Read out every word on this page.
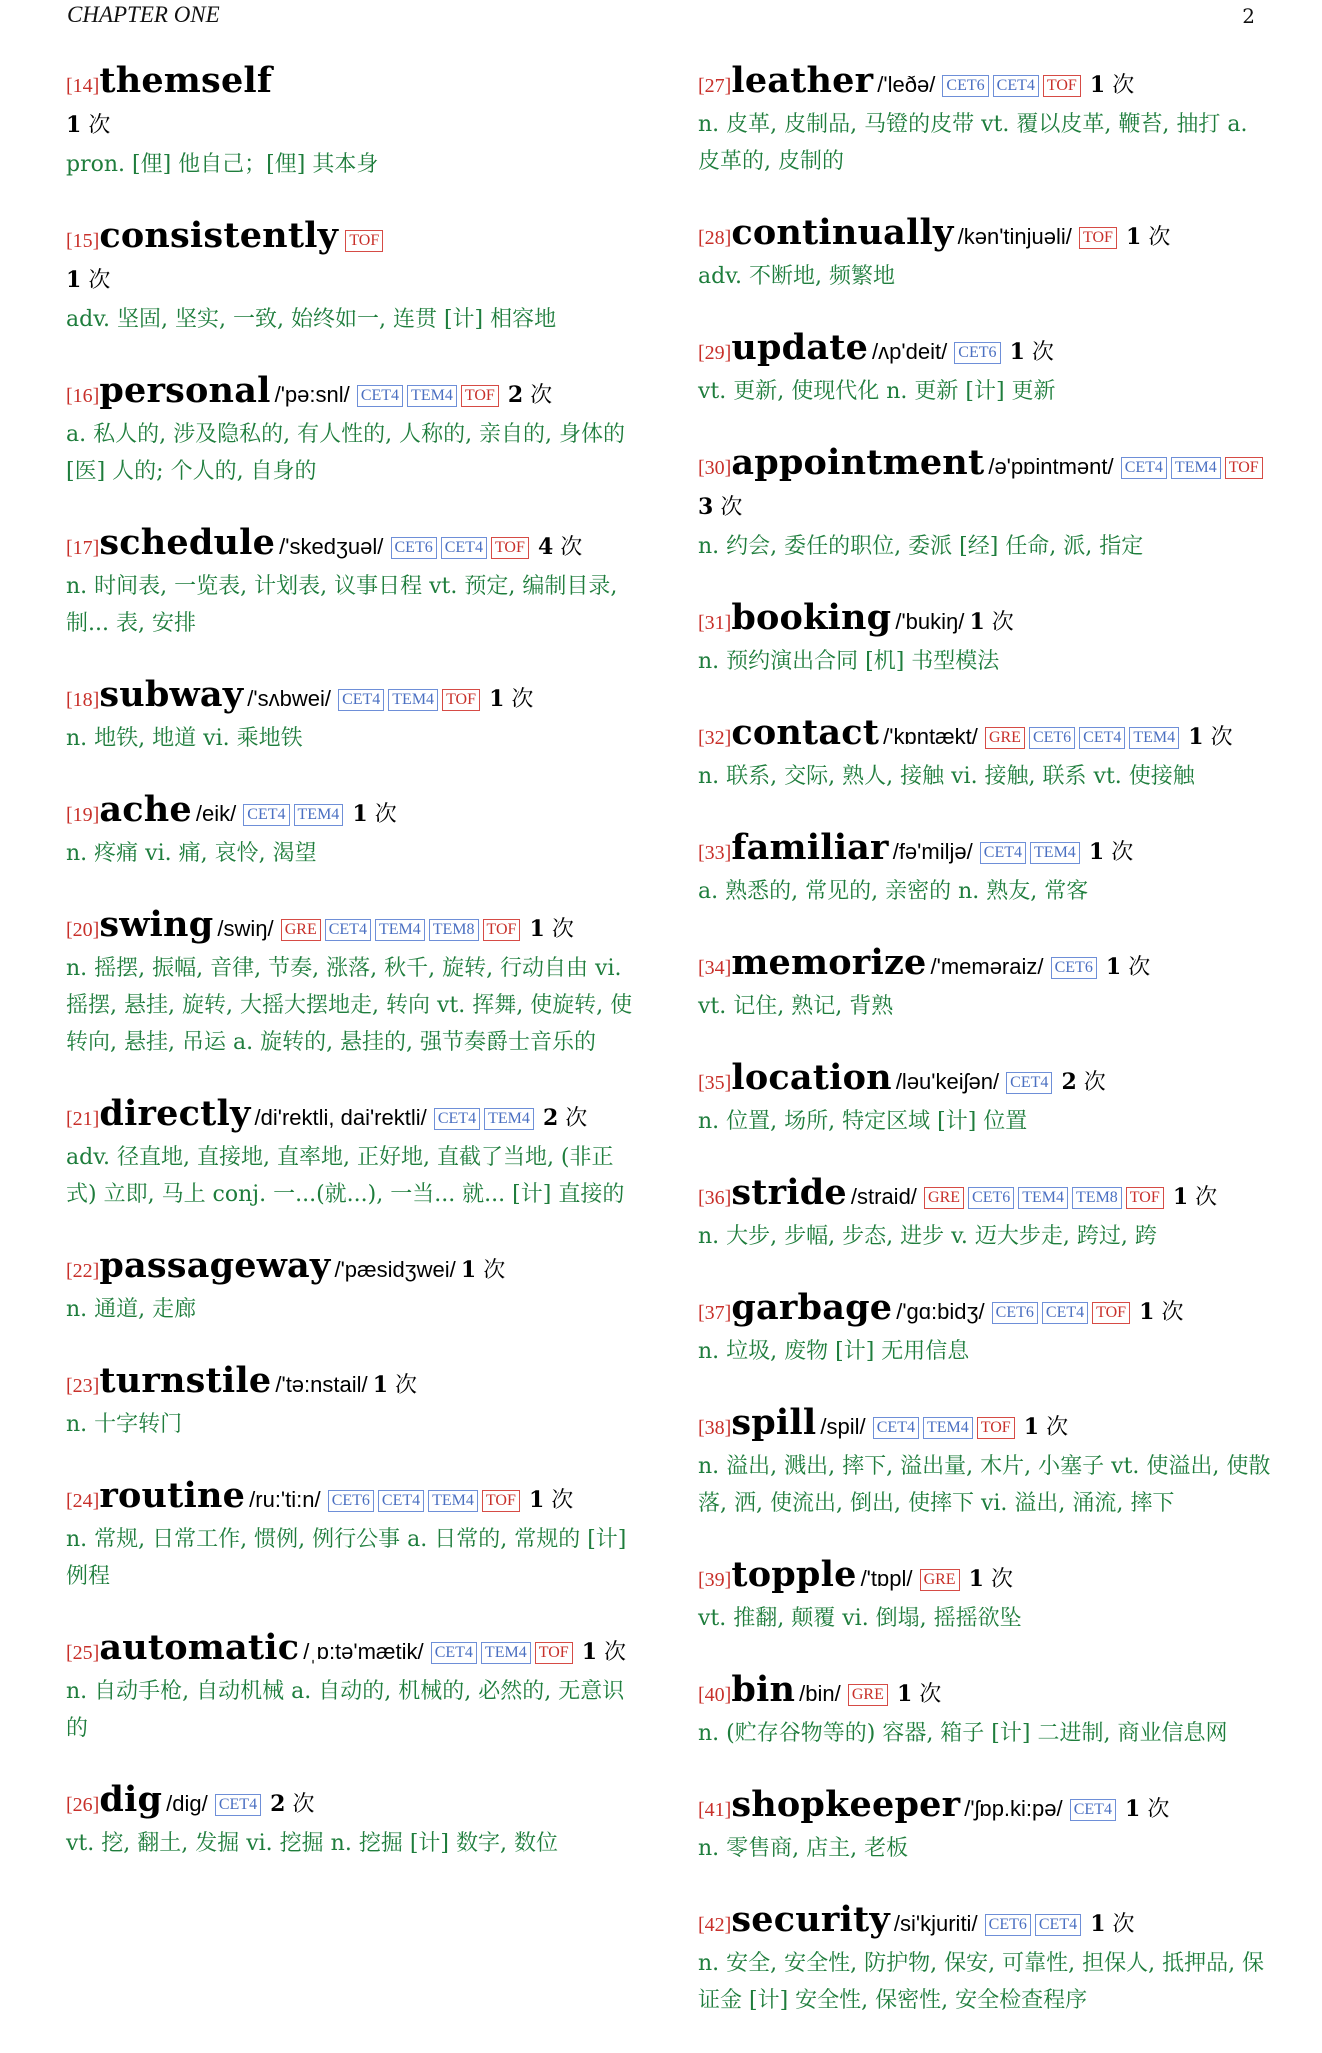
CHAPTER ONE	2
[14]themself
1 次
pron. [俚] 他自己；[俚] 其本身
[15]consistently TOF
1 次
adv. 坚固, 坚实, 一致, 始终如一, 连贯 [计] 相容地
[16]personal /'pə:snl/ CET4 TEM4 TOF 2 次
a. 私人的, 涉及隐私的, 有人性的, 人称的, 亲自的, 身体的 [医] 人的; 个人的, 自身的
[17]schedule /'skedʒuəl/ CET6 CET4 TOF 4 次
n. 时间表, 一览表, 计划表, 议事日程 vt. 预定, 编制目录, 制... 表, 安排
[18]subway /'sʌbwei/ CET4 TEM4 TOF 1 次
n. 地铁, 地道 vi. 乘地铁
[19]ache /eik/ CET4 TEM4 1 次
n. 疼痛 vi. 痛, 哀怜, 渴望
[20]swing /swiŋ/ GRE CET4 TEM4 TEM8 TOF 1 次
n. 摇摆, 振幅, 音律, 节奏, 涨落, 秋千, 旋转, 行动自由 vi. 摇摆, 悬挂, 旋转, 大摇大摆地走, 转向 vt. 挥舞, 使旋转, 使转向, 悬挂, 吊运 a. 旋转的, 悬挂的, 强节奏爵士音乐的
[21]directly /di'rektli, dai'rektli/ CET4 TEM4 2 次
adv. 径直地, 直接地, 直率地, 正好地, 直截了当地, (非正式) 立即, 马上 conj. 一...(就...), 一当... 就... [计] 直接的
[22]passageway /'pæsidʒwei/ 1 次
n. 通道, 走廊
[23]turnstile /'tə:nstail/ 1 次
n. 十字转门
[24]routine /ru:'ti:n/ CET6 CET4 TEM4 TOF 1 次
n. 常规, 日常工作, 惯例, 例行公事 a. 日常的, 常规的 [计] 例程
[25]automatic /ˌɒ:tə'mætik/ CET4 TEM4 TOF 1 次
n. 自动手枪, 自动机械 a. 自动的, 机械的, 必然的, 无意识的
[26]dig /dig/ CET4 2 次
vt. 挖, 翻土, 发掘 vi. 挖掘 n. 挖掘 [计] 数字, 数位
[27]leather /'leðə/ CET6 CET4 TOF 1 次
n. 皮革, 皮制品, 马镫的皮带 vt. 覆以皮革, 鞭苔, 抽打 a. 皮革的, 皮制的
[28]continually /kən'tinjuəli/ TOF 1 次
adv. 不断地, 频繁地
[29]update /ʌp'deit/ CET6 1 次
vt. 更新, 使现代化 n. 更新 [计] 更新
[30]appointment /ə'pɒintmənt/ CET4 TEM4 TOF
3 次
n. 约会, 委任的职位, 委派 [经] 任命, 派, 指定
[31]booking /'bukiŋ/ 1 次
n. 预约演出合同 [机] 书型模法
[32]contact /'kɒntækt/ GRE CET6 CET4 TEM4 1 次
n. 联系, 交际, 熟人, 接触 vi. 接触, 联系 vt. 使接触
[33]familiar /fə'miljə/ CET4 TEM4 1 次
a. 熟悉的, 常见的, 亲密的 n. 熟友, 常客
[34]memorize /'meməraiz/ CET6 1 次
vt. 记住, 熟记, 背熟
[35]location /ləu'keiʃən/ CET4 2 次
n. 位置, 场所, 特定区域 [计] 位置
[36]stride /straid/ GRE CET6 TEM4 TEM8 TOF 1 次
n. 大步, 步幅, 步态, 进步 v. 迈大步走, 跨过, 跨
[37]garbage /'gɑ:bidʒ/ CET6 CET4 TOF 1 次
n. 垃圾, 废物 [计] 无用信息
[38]spill /spil/ CET4 TEM4 TOF 1 次
n. 溢出, 溅出, 摔下, 溢出量, 木片, 小塞子 vt. 使溢出, 使散落, 洒, 使流出, 倒出, 使摔下 vi. 溢出, 涌流, 摔下
[39]topple /'tɒpl/ GRE 1 次
vt. 推翻, 颠覆 vi. 倒塌, 摇摇欲坠
[40]bin /bin/ GRE 1 次
n. (贮存谷物等的) 容器, 箱子 [计] 二进制, 商业信息网
[41]shopkeeper /'ʃɒp.ki:pə/ CET4 1 次
n. 零售商, 店主, 老板
[42]security /si'kjuriti/ CET6 CET4 1 次
n. 安全, 安全性, 防护物, 保安, 可靠性, 担保人, 抵押品, 保证金 [计] 安全性, 保密性, 安全检查程序
